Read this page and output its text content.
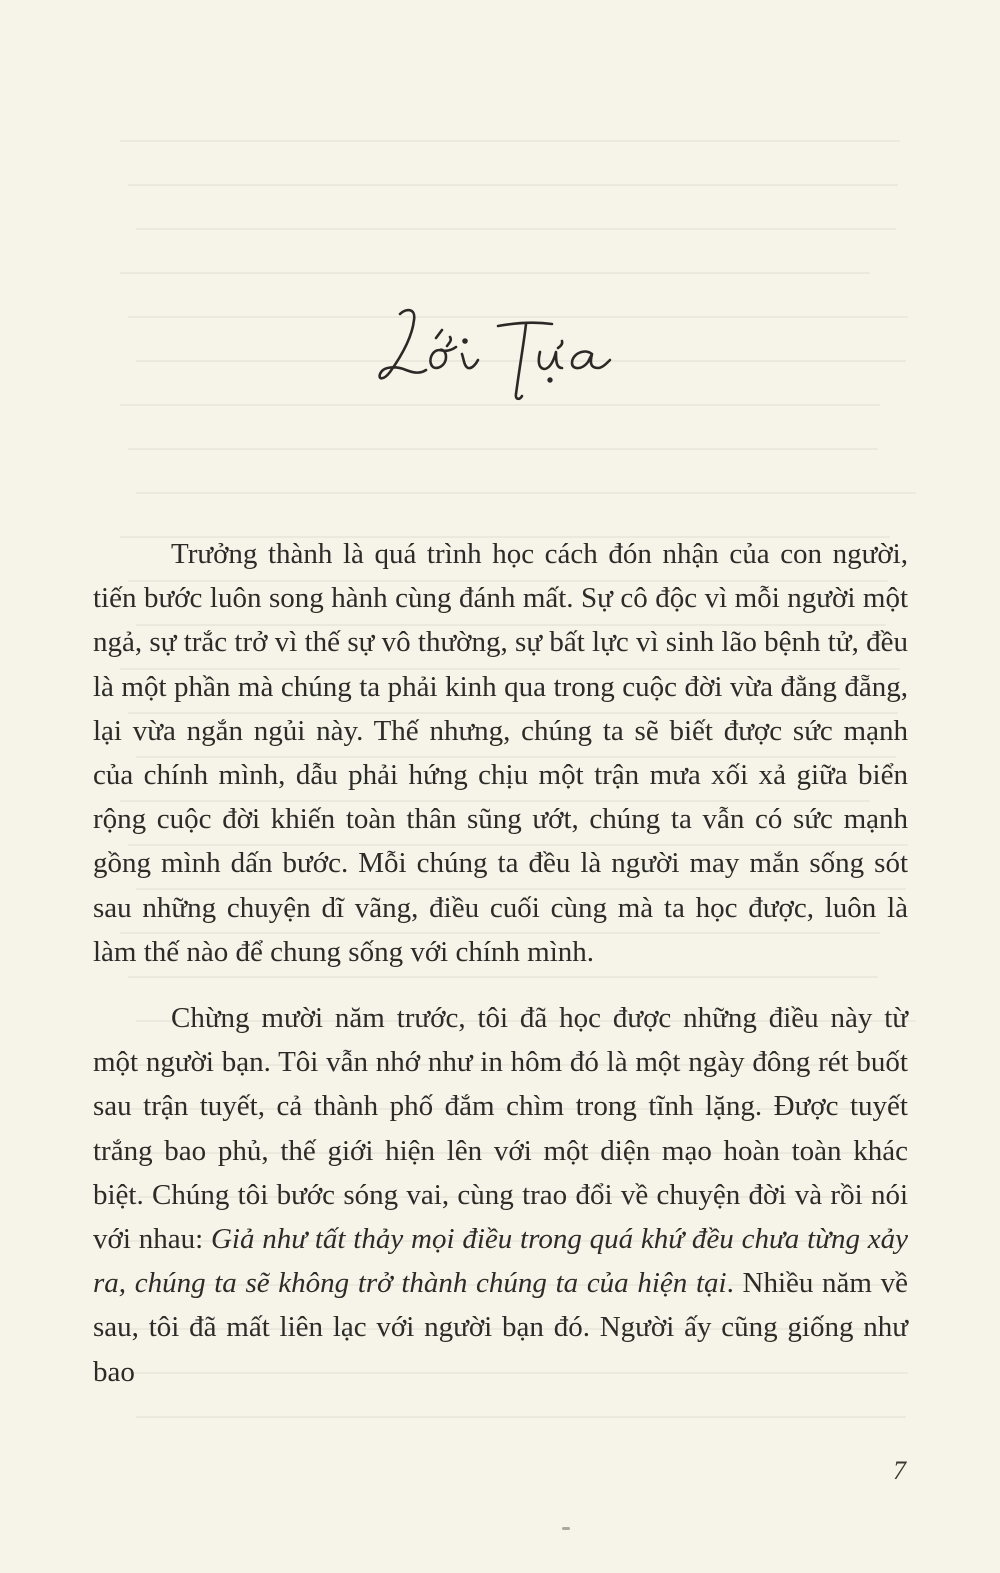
Trưởng thành là quá trình học cách đón nhận của con người, tiến bước luôn song hành cùng đánh mất. Sự cô độc vì mỗi người một ngả, sự trắc trở vì thế sự vô thường, sự bất lực vì sinh lão bệnh tử, đều là một phần mà chúng ta phải kinh qua trong cuộc đời vừa đằng đẵng, lại vừa ngắn ngủi này. Thế nhưng, chúng ta sẽ biết được sức mạnh của chính mình, dẫu phải hứng chịu một trận mưa xối xả giữa biển rộng cuộc đời khiến toàn thân sũng ướt, chúng ta vẫn có sức mạnh gồng mình dấn bước. Mỗi chúng ta đều là người may mắn sống sót sau những chuyện dĩ vãng, điều cuối cùng mà ta học được, luôn là làm thế nào để chung sống với chính mình.

Chừng mười năm trước, tôi đã học được những điều này từ một người bạn. Tôi vẫn nhớ như in hôm đó là một ngày đông rét buốt sau trận tuyết, cả thành phố đắm chìm trong tĩnh lặng. Được tuyết trắng bao phủ, thế giới hiện lên với một diện mạo hoàn toàn khác biệt. Chúng tôi bước sóng vai, cùng trao đổi về chuyện đời và rồi nói với nhau: Giả như tất thảy mọi điều trong quá khứ đều chưa từng xảy ra, chúng ta sẽ không trở thành chúng ta của hiện tại. Nhiều năm về sau, tôi đã mất liên lạc với người bạn đó. Người ấy cũng giống như bao

7
